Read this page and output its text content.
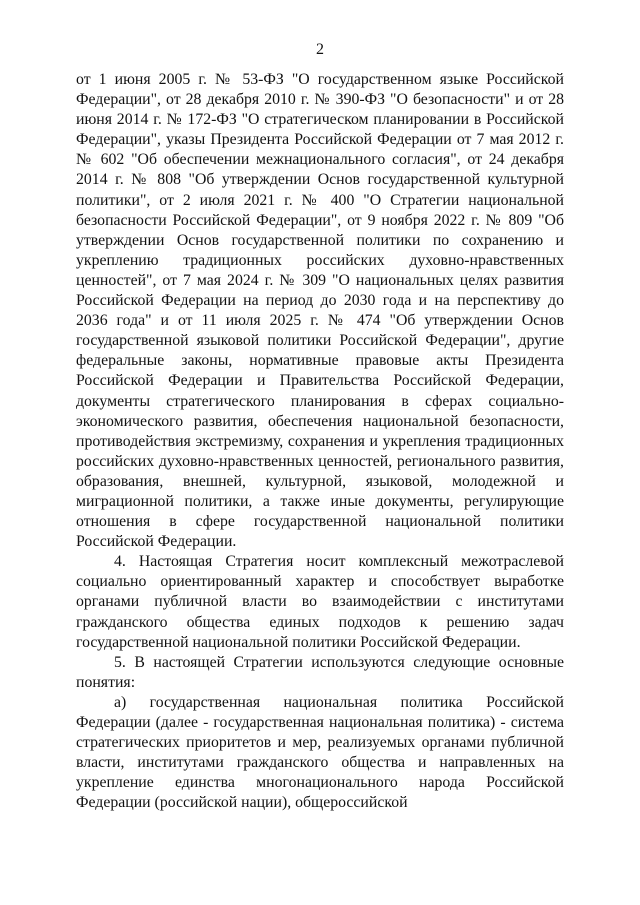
2

от 1 июня 2005 г. № 53-ФЗ "О государственном языке Российской Федерации", от 28 декабря 2010 г. № 390-ФЗ "О безопасности" и от 28 июня 2014 г. № 172-ФЗ "О стратегическом планировании в Российской Федерации", указы Президента Российской Федерации от 7 мая 2012 г. № 602 "Об обеспечении межнационального согласия", от 24 декабря 2014 г. № 808 "Об утверждении Основ государственной культурной политики", от 2 июля 2021 г. № 400 "О Стратегии национальной безопасности Российской Федерации", от 9 ноября 2022 г. № 809 "Об утверждении Основ государственной политики по сохранению и укреплению традиционных российских духовно-нравственных ценностей", от 7 мая 2024 г. № 309 "О национальных целях развития Российской Федерации на период до 2030 года и на перспективу до 2036 года" и от 11 июля 2025 г. № 474 "Об утверждении Основ государственной языковой политики Российской Федерации", другие федеральные законы, нормативные правовые акты Президента Российской Федерации и Правительства Российской Федерации, документы стратегического планирования в сферах социально-экономического развития, обеспечения национальной безопасности, противодействия экстремизму, сохранения и укрепления традиционных российских духовно-нравственных ценностей, регионального развития, образования, внешней, культурной, языковой, молодежной и миграционной политики, а также иные документы, регулирующие отношения в сфере государственной национальной политики Российской Федерации.

4. Настоящая Стратегия носит комплексный межотраслевой социально ориентированный характер и способствует выработке органами публичной власти во взаимодействии с институтами гражданского общества единых подходов к решению задач государственной национальной политики Российской Федерации.

5. В настоящей Стратегии используются следующие основные понятия:

а) государственная национальная политика Российской Федерации (далее - государственная национальная политика) - система стратегических приоритетов и мер, реализуемых органами публичной власти, институтами гражданского общества и направленных на укрепление единства многонационального народа Российской Федерации (российской нации), общероссийской
